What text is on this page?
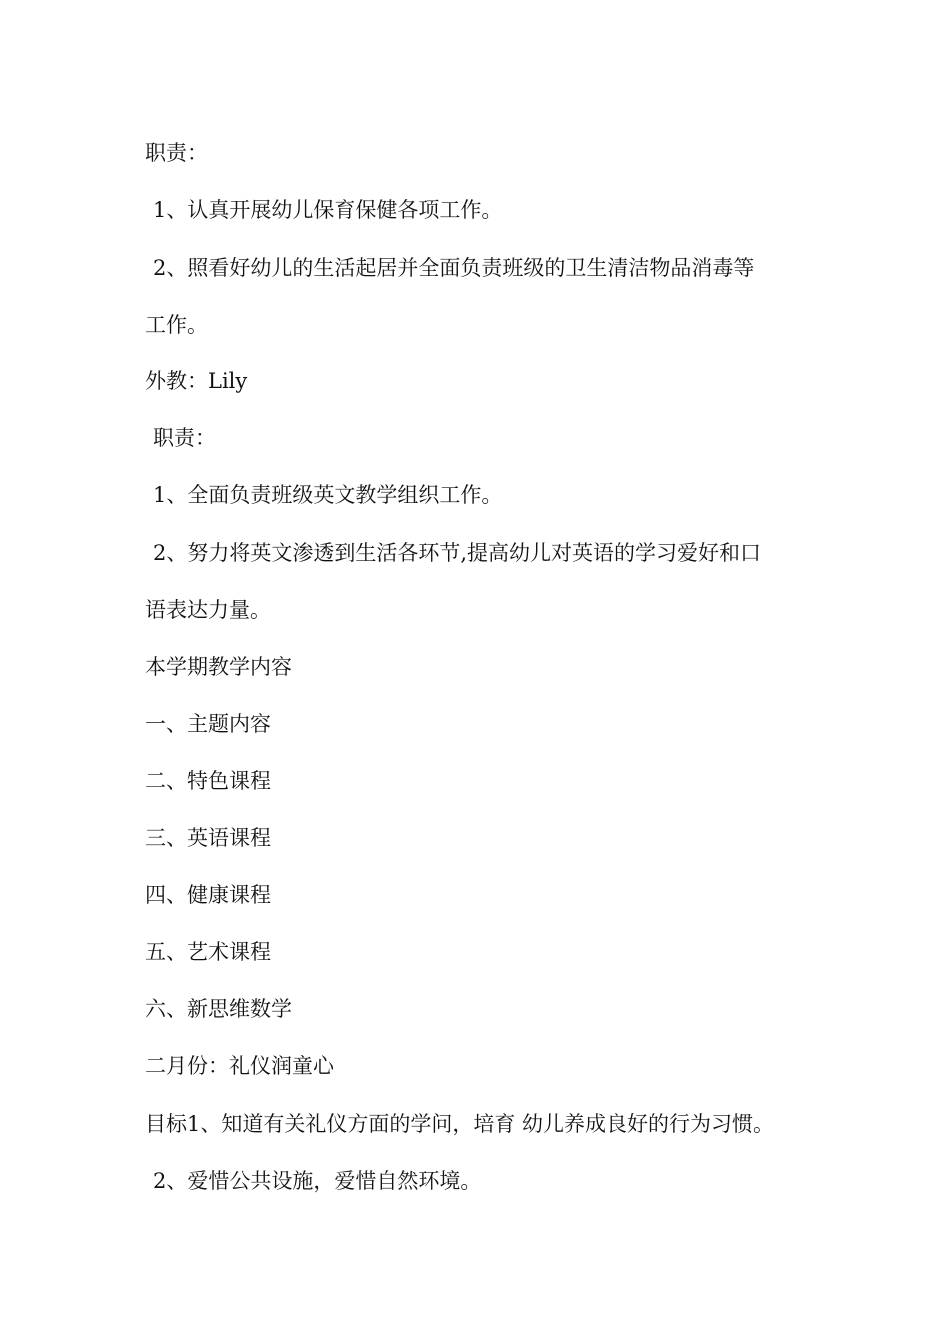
职责：
1、认真开展幼儿保育保健各项工作。
2、照看好幼儿的生活起居并全面负责班级的卫生清洁物品消毒等
工作。
外教：Lily
职责：
1、全面负责班级英文教学组织工作。
2、努力将英文渗透到生活各环节,提高幼儿对英语的学习爱好和口
语表达力量。
本学期教学内容
一、主题内容
二、特色课程
三、英语课程
四、健康课程
五、艺术课程
六、新思维数学
二月份：礼仪润童心
目标1、知道有关礼仪方面的学问，培育 幼儿养成良好的行为习惯。
2、爱惜公共设施，爱惜自然环境。
